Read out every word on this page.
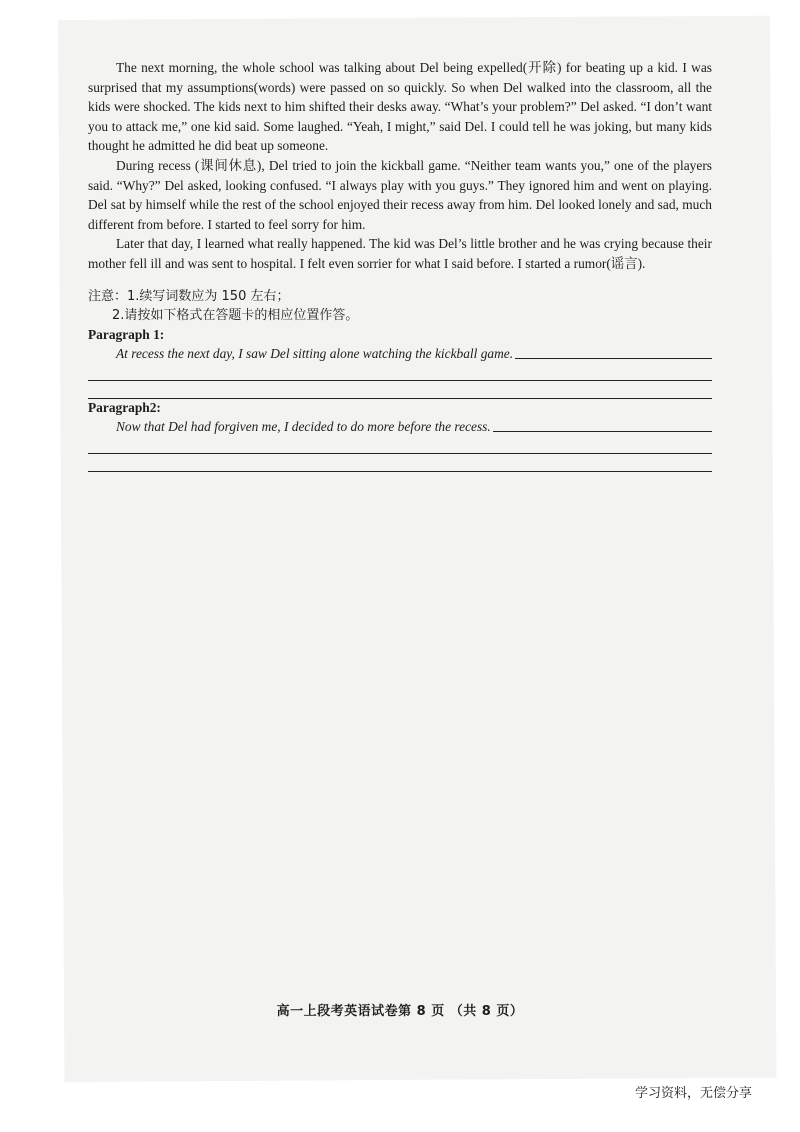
The next morning, the whole school was talking about Del being expelled(开除) for beating up a kid. I was surprised that my assumptions(words) were passed on so quickly. So when Del walked into the classroom, all the kids were shocked. The kids next to him shifted their desks away. “What’s your problem?” Del asked. “I don’t want you to attack me,” one kid said. Some laughed. “Yeah, I might,” said Del. I could tell he was joking, but many kids thought he admitted he did beat up someone.

During recess (课间休息), Del tried to join the kickball game. “Neither team wants you,” one of the players said. “Why?” Del asked, looking confused. “I always play with you guys.” They ignored him and went on playing. Del sat by himself while the rest of the school enjoyed their recess away from him. Del looked lonely and sad, much different from before. I started to feel sorry for him.

Later that day, I learned what really happened. The kid was Del’s little brother and he was crying because their mother fell ill and was sent to hospital. I felt even sorrier for what I said before. I started a rumor(谣言).

注意：1.续写词数应为 150 左右；
2.请按如下格式在答题卡的相应位置作答。
Paragraph 1:
At recess the next day, I saw Del sitting alone watching the kickball game.
Paragraph2:
Now that Del had forgiven me, I decided to do more before the recess.
高一上段考英语试卷第 8 页 （共 8 页）
学习资料，无偿分享
